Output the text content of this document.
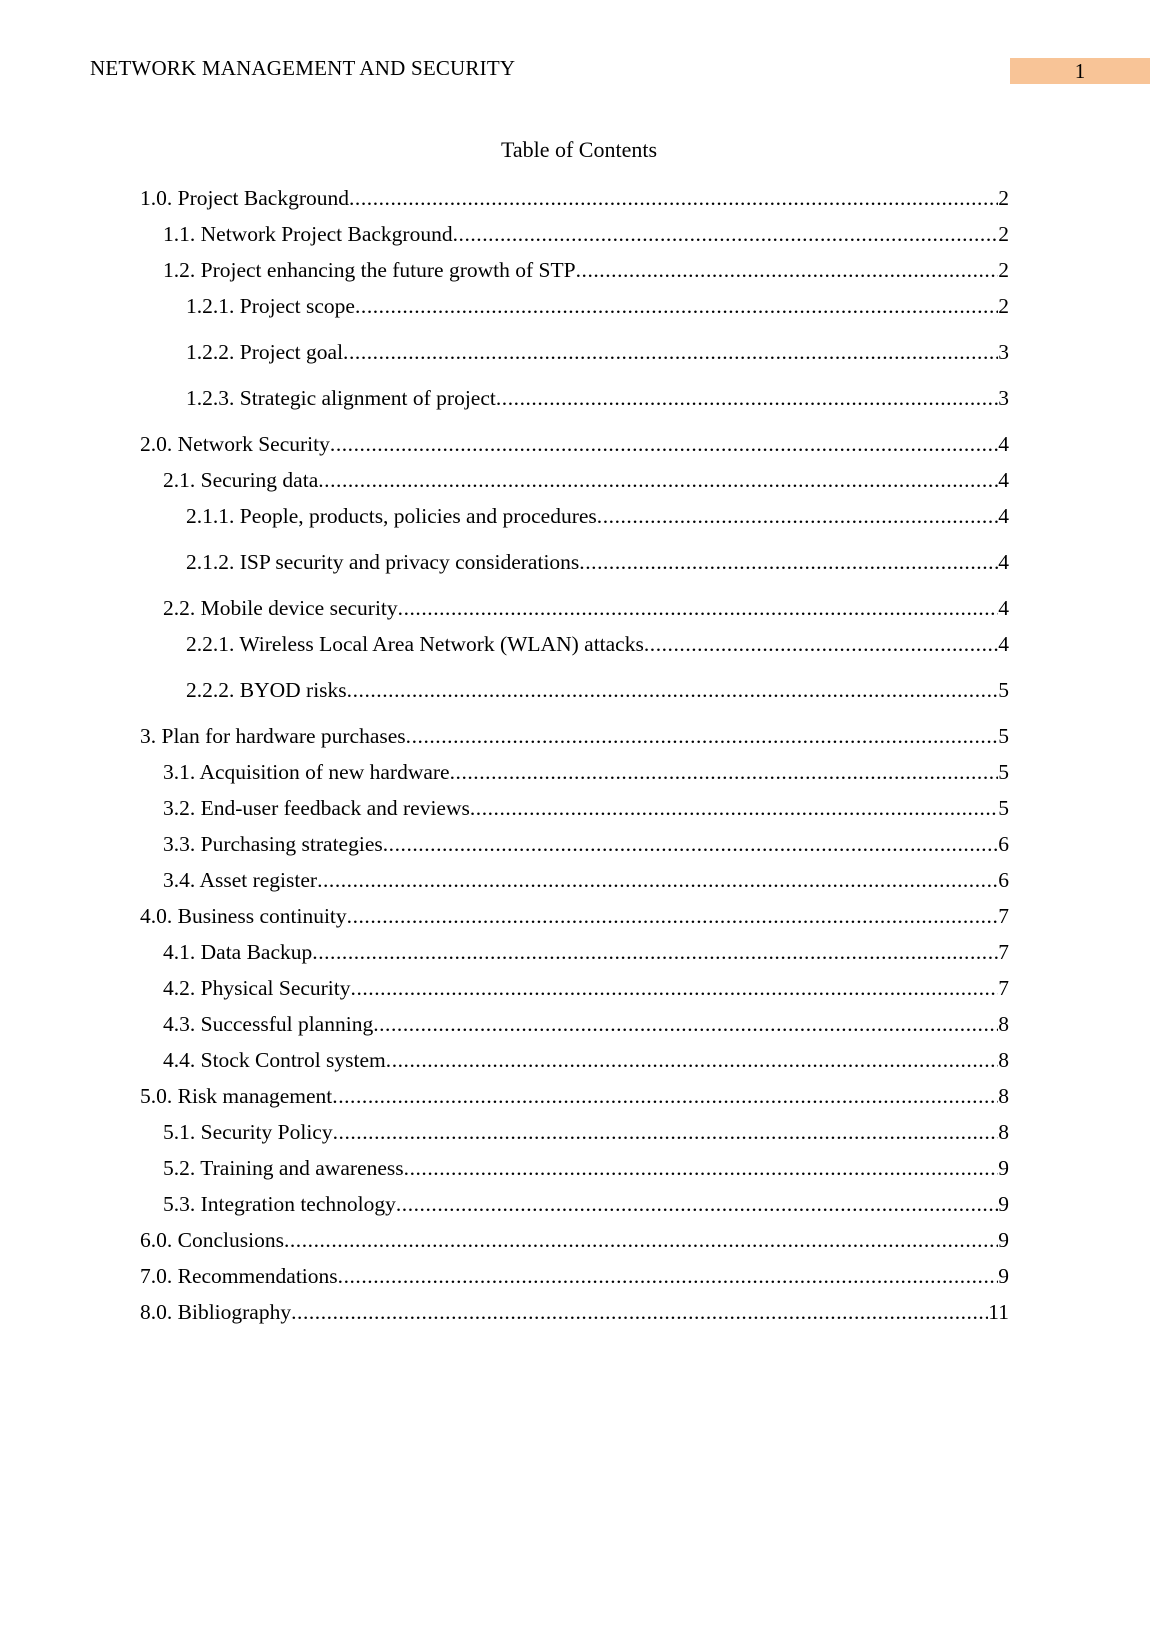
NETWORK MANAGEMENT AND SECURITY	1
Table of Contents
1.0. Project Background .....	2
1.1. Network Project Background .....	2
1.2. Project enhancing the future growth of STP .....	2
1.2.1. Project scope .....	2
1.2.2. Project goal .....	3
1.2.3. Strategic alignment of project .....	3
2.0. Network Security .....	4
2.1. Securing data .....	4
2.1.1. People, products, policies and procedures .....	4
2.1.2. ISP security and privacy considerations .....	4
2.2. Mobile device security .....	4
2.2.1. Wireless Local Area Network (WLAN) attacks .....	4
2.2.2. BYOD risks .....	5
3. Plan for hardware purchases .....	5
3.1. Acquisition of new hardware .....	5
3.2. End-user feedback and reviews .....	5
3.3. Purchasing strategies .....	6
3.4. Asset register .....	6
4.0. Business continuity .....	7
4.1. Data Backup .....	7
4.2. Physical Security .....	7
4.3. Successful planning .....	8
4.4. Stock Control system .....	8
5.0. Risk management .....	8
5.1. Security Policy .....	8
5.2. Training and awareness .....	9
5.3. Integration technology .....	9
6.0. Conclusions .....	9
7.0. Recommendations .....	9
8.0. Bibliography .....	11
